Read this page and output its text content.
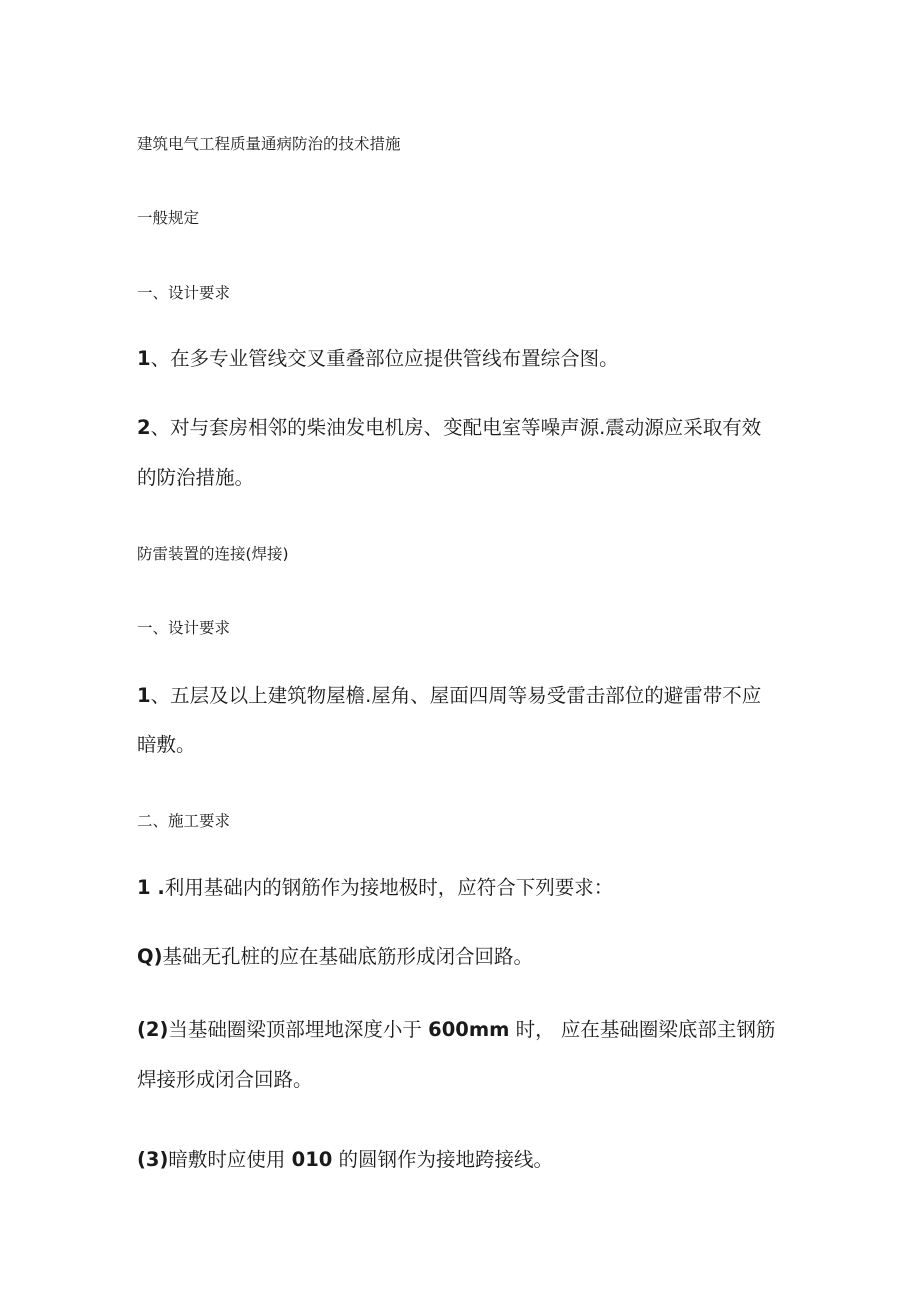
建筑电气工程质量通病防治的技术措施

一般规定

一、设计要求

1、在多专业管线交叉重叠部位应提供管线布置综合图。

2、对与套房相邻的柴油发电机房、变配电室等噪声源.震动源应采取有效

的防治措施。

防雷装置的连接(焊接)

一、设计要求

1、五层及以上建筑物屋檐.屋角、屋面四周等易受雷击部位的避雷带不应

暗敷。

二、施工要求

1 .利用基础内的钢筋作为接地极时，应符合下列要求：

Q)基础无孔桩的应在基础底筋形成闭合回路。

(2)当基础圈梁顶部埋地深度小于 600mm 时， 应在基础圈梁底部主钢筋

焊接形成闭合回路。

(3)暗敷时应使用 010 的圆钢作为接地跨接线。
